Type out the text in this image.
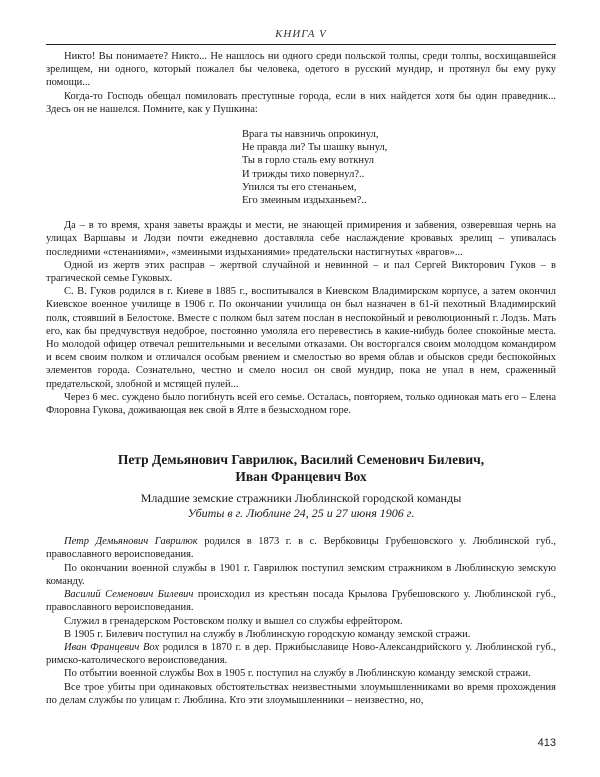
КНИГА V

Никто! Вы понимаете? Никто... Не нашлось ни одного среди польской толпы, среди толпы, восхищавшейся зрелищем, ни одного, который пожалел бы человека, одетого в русский мундир, и протянул бы ему руку помощи...

Когда-то Господь обещал помиловать преступные города, если в них найдется хотя бы один праведник... Здесь он не нашелся. Помните, как у Пушкина:

Врага ты навзничь опрокинул,
Не правда ли? Ты шашку вынул,
Ты в горло сталь ему воткнул
И трижды тихо повернул?..
Упился ты его стенаньем,
Его змеиным издыханьем?..

Да – в то время, храня заветы вражды и мести, не знающей примирения и забвения, озверевшая чернь на улицах Варшавы и Лодзи почти ежедневно доставляла себе наслаждение кровавых зрелищ – упивалась последними «стенаниями», «змеиными издыханиями» предательски настигнутых «врагов»...

Одной из жертв этих расправ – жертвой случайной и невинной – и пал Сергей Викторович Гуков – в трагической семье Гуковых.

С. В. Гуков родился в г. Киеве в 1885 г., воспитывался в Киевском Владимирском корпусе, а затем окончил Киевское военное училище в 1906 г. По окончании училища он был назначен в 61-й пехотный Владимирский полк, стоявший в Белостоке. Вместе с полком был затем послан в неспокойный и революционный г. Лодзь. Мать его, как бы предчувствуя недоброе, постоянно умоляла его перевестись в какие-нибудь более спокойные места. Но молодой офицер отвечал решительными и веселыми отказами. Он восторгался своим молодцом командиром и всем своим полком и отличался особым рвением и смелостью во время облав и обысков среди беспокойных элементов города. Сознательно, честно и смело носил он свой мундир, пока не упал в нем, сраженный предательской, злобной и мстящей пулей...

Через 6 мес. суждено было погибнуть всей его семье. Осталась, повторяем, только одинокая мать его – Елена Флоровна Гукова, доживающая век свой в Ялте в безысходном горе.

Петр Демьянович Гаврилюк, Василий Семенович Билевич,
Иван Францевич Вох
Младшие земские стражники Люблинской городской команды
Убиты в г. Люблине 24, 25 и 27 июня 1906 г.

Петр Демьянович Гаврилюк родился в 1873 г. в с. Вербковицы Грубешовского у. Люблинской губ., православного вероисповедания.

По окончании военной службы в 1901 г. Гаврилюк поступил земским стражником в Люблинскую земскую команду.

Василий Семенович Билевич происходил из крестьян посада Крылова Грубешовского у. Люблинской губ., православного вероисповедания.

Служил в гренадерском Ростовском полку и вышел со службы ефрейтором.

В 1905 г. Билевич поступил на службу в Люблинскую городскую команду земской стражи.

Иван Францевич Вох родился в 1870 г. в дер. Пржибыславице Ново-Александрийского у. Люблинской губ., римско-католического вероисповедания.

По отбытии военной службы Вох в 1905 г. поступил на службу в Люблинскую команду земской стражи.

Все трое убиты при одинаковых обстоятельствах неизвестными злоумышленниками во время прохождения по делам службы по улицам г. Люблина. Кто эти злоумышленники – неизвестно, но,

413
